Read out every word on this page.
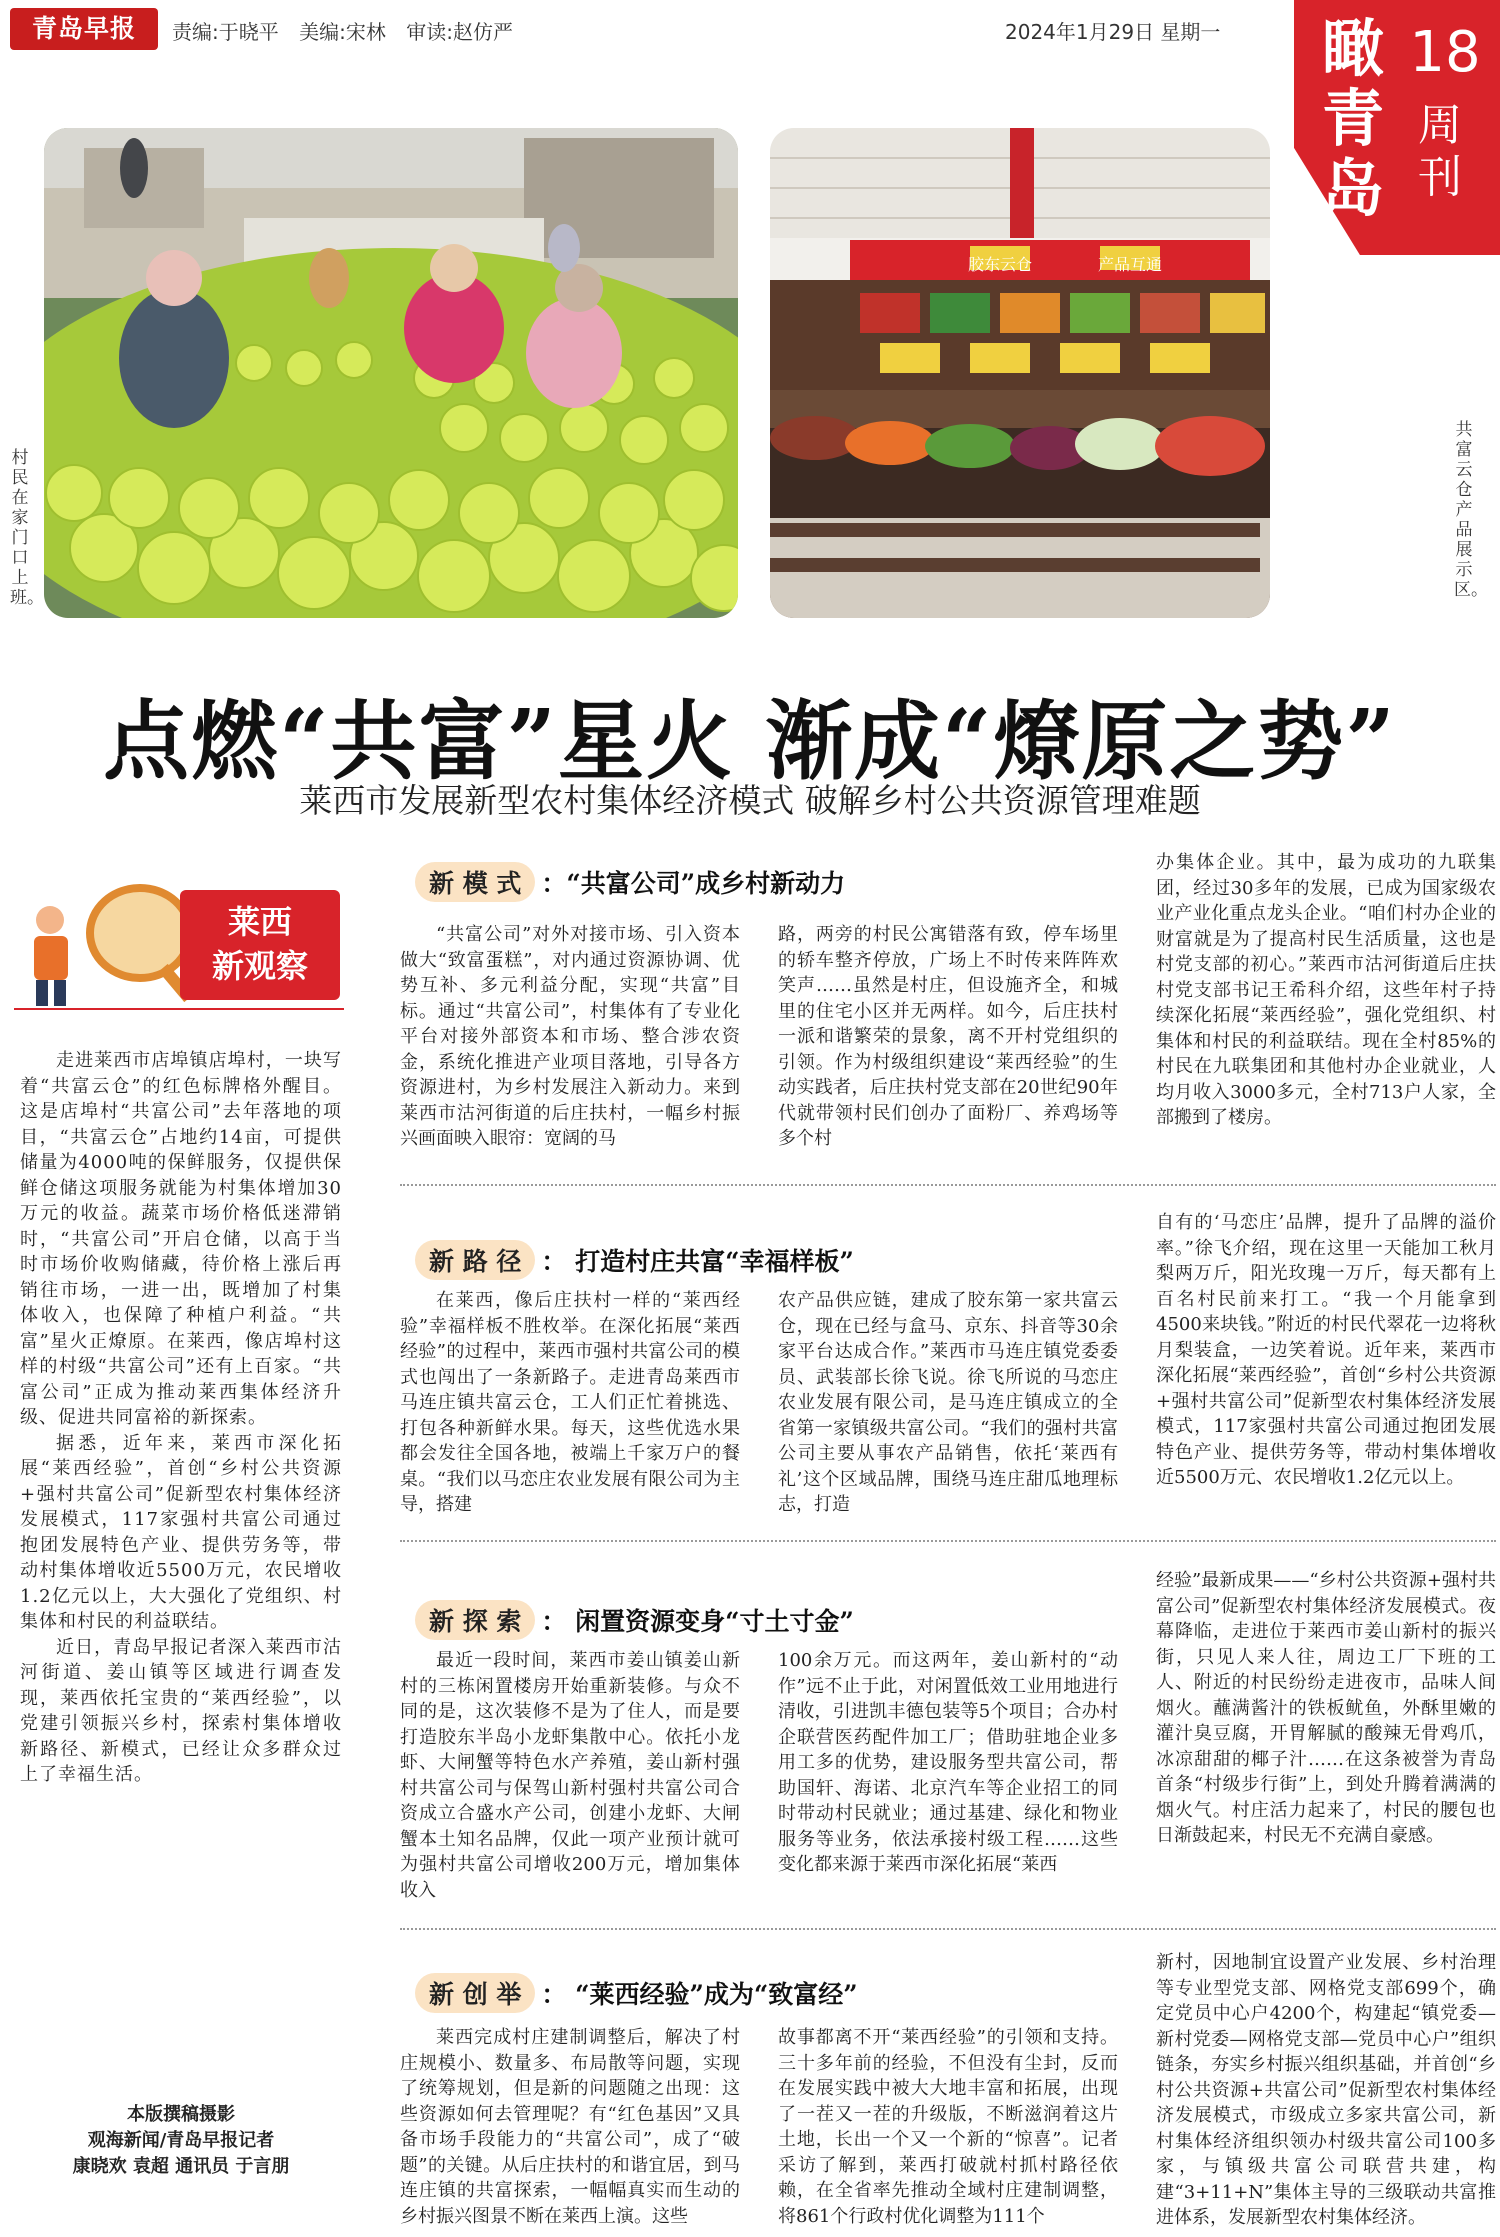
青岛早报	责编:于晓平 美编:宋林 审读:赵仿严	2024年1月29日 星期一 瞰青岛
18
周刊
村民在家门口上班。
胶东云仓	产品互通
共富云仓产品展示区。
点燃“共富”星火 渐成“燎原之势”
莱西市发展新型农村集体经济模式 破解乡村公共资源管理难题
莱西
新观察

走进莱西市店埠镇店埠村，一块写着“共富云仓”的红色标牌格外醒目。这是店埠村“共富公司”去年落地的项目，“共富云仓”占地约14亩，可提供储量为4000吨的保鲜服务，仅提供保鲜仓储这项服务就能为村集体增加30万元的收益。蔬菜市场价格低迷滞销时，“共富公司”开启仓储，以高于当时市场价收购储藏，待价格上涨后再销往市场，一进一出，既增加了村集体收入，也保障了种植户利益。“共富”星火正燎原。在莱西，像店埠村这样的村级“共富公司”还有上百家。“共富公司”正成为推动莱西集体经济升级、促进共同富裕的新探索。

据悉，近年来，莱西市深化拓展“莱西经验”，首创“乡村公共资源+强村共富公司”促新型农村集体经济发展模式，117家强村共富公司通过抱团发展特色产业、提供劳务等，带动村集体增收近5500万元，农民增收1.2亿元以上，大大强化了党组织、村集体和村民的利益联结。

近日，青岛早报记者深入莱西市沽河街道、姜山镇等区域进行调查发现，莱西依托宝贵的“莱西经验”，以党建引领振兴乡村，探索村集体增收新路径、新模式，已经让众多群众过上了幸福生活。

本版撰稿摄影
观海新闻/青岛早报记者
康晓欢 袁超 通讯员 于言朋
新 模 式 ：“共富公司”成乡村新动力

“共富公司”对外对接市场、引入资本做大“致富蛋糕”，对内通过资源协调、优势互补、多元利益分配，实现“共富”目标。通过“共富公司”，村集体有了专业化平台对接外部资本和市场、整合涉农资金，系统化推进产业项目落地，引导各方资源进村，为乡村发展注入新动力。来到莱西市沽河街道的后庄扶村，一幅乡村振兴画面映入眼帘：宽阔的马

路，两旁的村民公寓错落有致，停车场里的轿车整齐停放，广场上不时传来阵阵欢笑声……虽然是村庄，但设施齐全，和城里的住宅小区并无两样。如今，后庄扶村一派和谐繁荣的景象，离不开村党组织的引领。作为村级组织建设“莱西经验”的生动实践者，后庄扶村党支部在20世纪90年代就带领村民们创办了面粉厂、养鸡场等多个村

办集体企业。其中，最为成功的九联集团，经过30多年的发展，已成为国家级农业产业化重点龙头企业。“咱们村办企业的财富就是为了提高村民生活质量，这也是村党支部的初心。”莱西市沽河街道后庄扶村党支部书记王希科介绍，这些年村子持续深化拓展“莱西经验”，强化党组织、村集体和村民的利益联结。现在全村85%的村民在九联集团和其他村办企业就业，人均月收入3000多元，全村713户人家，全部搬到了楼房。

新 路 径 ： 打造村庄共富“幸福样板”

在莱西，像后庄扶村一样的“莱西经验”幸福样板不胜枚举。在深化拓展“莱西经验”的过程中，莱西市强村共富公司的模式也闯出了一条新路子。走进青岛莱西市马连庄镇共富云仓，工人们正忙着挑选、打包各种新鲜水果。每天，这些优选水果都会发往全国各地，被端上千家万户的餐桌。“我们以马恋庄农业发展有限公司为主导，搭建

农产品供应链，建成了胶东第一家共富云仓，现在已经与盒马、京东、抖音等30余家平台达成合作。”莱西市马连庄镇党委委员、武装部长徐飞说。徐飞所说的马恋庄农业发展有限公司，是马连庄镇成立的全省第一家镇级共富公司。“我们的强村共富公司主要从事农产品销售，依托‘莱西有礼’这个区域品牌，围绕马连庄甜瓜地理标志，打造

自有的‘马恋庄’品牌，提升了品牌的溢价率。”徐飞介绍，现在这里一天能加工秋月梨两万斤，阳光玫瑰一万斤，每天都有上百名村民前来打工。“我一个月能拿到4500来块钱。”附近的村民代翠花一边将秋月梨装盒，一边笑着说。近年来，莱西市深化拓展“莱西经验”，首创“乡村公共资源+强村共富公司”促新型农村集体经济发展模式，117家强村共富公司通过抱团发展特色产业、提供劳务等，带动村集体增收近5500万元、农民增收1.2亿元以上。

新 探 索 ： 闲置资源变身“寸土寸金”

最近一段时间，莱西市姜山镇姜山新村的三栋闲置楼房开始重新装修。与众不同的是，这次装修不是为了住人，而是要打造胶东半岛小龙虾集散中心。依托小龙虾、大闸蟹等特色水产养殖，姜山新村强村共富公司与保驾山新村强村共富公司合资成立合盛水产公司，创建小龙虾、大闸蟹本土知名品牌，仅此一项产业预计就可为强村共富公司增收200万元，增加集体收入

100余万元。而这两年，姜山新村的“动作”远不止于此，对闲置低效工业用地进行清收，引进凯丰德包装等5个项目；合办村企联营医药配件加工厂；借助驻地企业多用工多的优势，建设服务型共富公司，帮助国轩、海诺、北京汽车等企业招工的同时带动村民就业；通过基建、绿化和物业服务等业务，依法承接村级工程……这些变化都来源于莱西市深化拓展“莱西

经验”最新成果——“乡村公共资源+强村共富公司”促新型农村集体经济发展模式。夜幕降临，走进位于莱西市姜山新村的振兴街，只见人来人往，周边工厂下班的工人、附近的村民纷纷走进夜市，品味人间烟火。蘸满酱汁的铁板鱿鱼，外酥里嫩的灌汁臭豆腐，开胃解腻的酸辣无骨鸡爪，冰凉甜甜的椰子汁……在这条被誉为青岛首条“村级步行街”上，到处升腾着满满的烟火气。村庄活力起来了，村民的腰包也日渐鼓起来，村民无不充满自豪感。

新 创 举 ： “莱西经验”成为“致富经”

莱西完成村庄建制调整后，解决了村庄规模小、数量多、布局散等问题，实现了统筹规划，但是新的问题随之出现：这些资源如何去管理呢？有“红色基因”又具备市场手段能力的“共富公司”，成了“破题”的关键。从后庄扶村的和谐宜居，到马连庄镇的共富探索，一幅幅真实而生动的乡村振兴图景不断在莱西上演。这些

故事都离不开“莱西经验”的引领和支持。三十多年前的经验，不但没有尘封，反而在发展实践中被大大地丰富和拓展，出现了一茬又一茬的升级版，不断滋润着这片土地，长出一个又一个新的“惊喜”。记者采访了解到，莱西打破就村抓村路径依赖，在全省率先推动全域村庄建制调整，将861个行政村优化调整为111个

新村，因地制宜设置产业发展、乡村治理等专业型党支部、网格党支部699个，确定党员中心户4200个，构建起“镇党委—新村党委—网格党支部—党员中心户”组织链条，夯实乡村振兴组织基础，并首创“乡村公共资源+共富公司”促新型农村集体经济发展模式，市级成立多家共富公司，新村集体经济组织领办村级共富公司100多家，与镇级共富公司联营共建，构建“3+11+N”集体主导的三级联动共富推进体系，发展新型农村集体经济。
